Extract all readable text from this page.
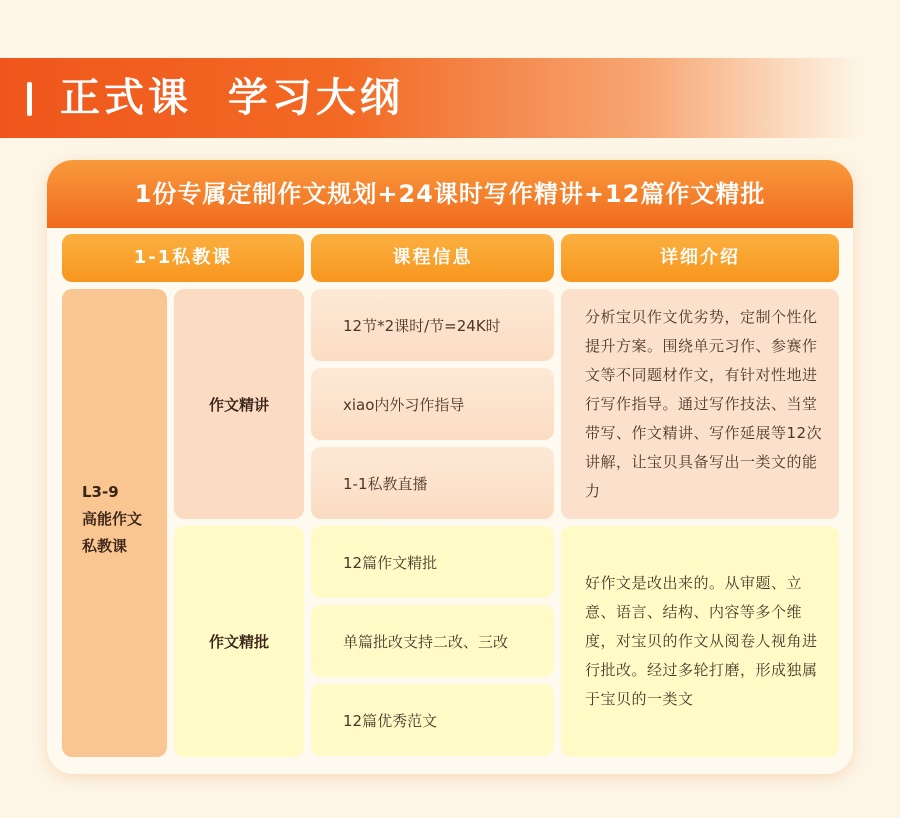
正式课  学习大纲
1份专属定制作文规划+24课时写作精讲+12篇作文精批
1-1私教课	课程信息	详细介绍
L3-9
高能作文
私教课
作文精讲
作文精批
12节*2课时/节=24K时
xiao内外习作指导
1-1私教直播
12篇作文精批
单篇批改支持二改、三改
12篇优秀范文

分析宝贝作文优劣势，定制个性化提升方案。围绕单元习作、参赛作文等不同题材作文，有针对性地进行写作指导。通过写作技法、当堂带写、作文精讲、写作延展等12次讲解，让宝贝具备写出一类文的能力

好作文是改出来的。从审题、立意、语言、结构、内容等多个维度，对宝贝的作文从阅卷人视角进行批改。经过多轮打磨，形成独属于宝贝的一类文
